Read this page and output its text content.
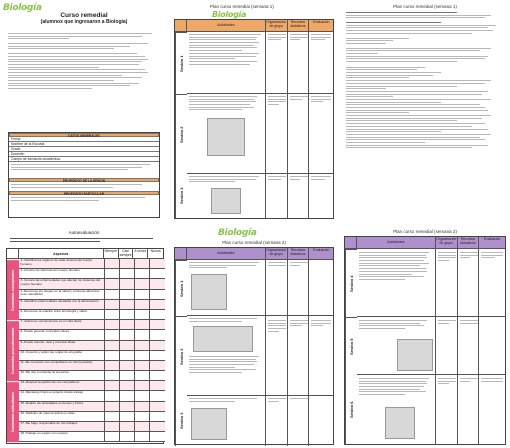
Biología
Curso remedial
(alumnos que ingresaron a Biología)
DATOS GENERALES
Fecha
Nombre de la Escuela
Grado
Docente:
Campo de formación académica:
PROPÓSITO DE LA SESIÓN
PROPÓSITO PARTICULAR
Plan curso remedial (semana 1)
Biología
Actividades
Organización de grupo
Recursos didácticos
Evaluación
Sesión 1
Sesión 2
Sesión 3
Plan curso remedial (semana 1)
Autoevaluación
Aspectos
Siempre	Casi siempre
A veces	Nunca
Contenidos conceptuales
1.-Identifica los órganos de cada sistema del cuerpo humano
2.-Conoce los sistemas del cuerpo humano
3.-Conoce las enfermedades que afectan los sistemas del cuerpo humano
4.-Reconoce los riesgos en la salud y consume alimentos poco saludables
5.-Identifica enfermedades causadas con la alimentación
6.-Reconoce la relación entre tecnología y salud
Contenidos procedimentales
7.-Aplica los conocimientos en mi vida diaria
8.-Puedo generar conceptos claves
9.-Puedo resumir, usar y conectar ideas
10.-Conozco y aplico las reglas de ortografía
11.-Me comunico con compañeros en forma positiva
12.-Me doy a entender al presentar
Contenidos actitudinales
13.-Respeto la opinión de mis compañeros
14.-Mantengo limpio el espacio donde trabajo
15.-Realizo las actividades en tiempo y forma
16.-Participo de manera activa en clase
17.-Me hago responsable de mis trabajos
18.-Trabajo en equipo con respeto
Biología
Plan curso remedial (semana 2)
Actividades
Organización de grupo
Recursos didácticos
Evaluación
Sesión 1
Sesión 2
Sesión 3
Plan curso remedial (semana 2)
Actividades
Organización de grupo
Recursos didácticos
Evaluación
Sesión 4
Sesión 5
Sesión 6
